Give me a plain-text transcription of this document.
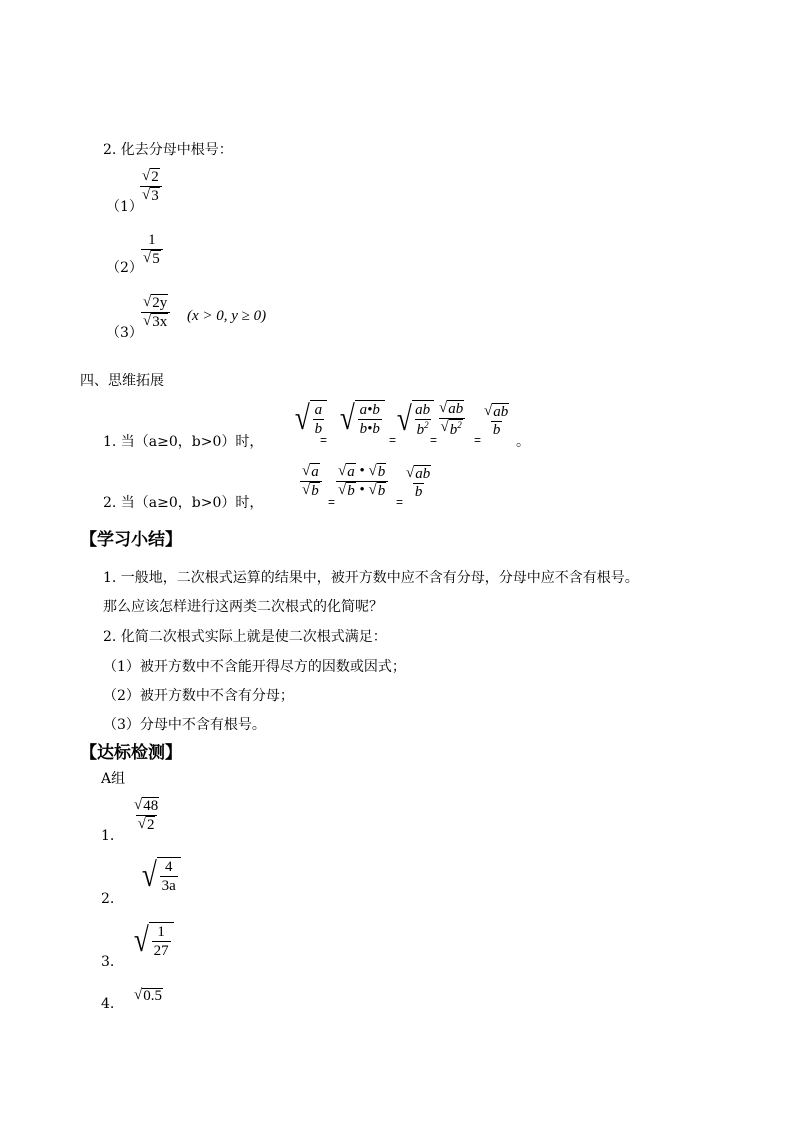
2. 化去分母中根号：
（1）
$\frac{√ 2}{√ 3}$
（2）
$\frac{1}{√ 5}$
（3）
$\frac{√ 2y}{√ 3x} (x > 0$, y ≥ 0)
四、思维拓展
1. 当（a≥0，b>0）时，
√ a
b
=
√ a•b
b•b
=
√ ab
$b^2$
=
$\frac{√ ab}{√ b^2}$
=
$\frac{√ ab}{b}$
。
2. 当（a≥0，b>0）时，
$\frac{√ a}{√ b}$
=
$\frac{√ a • √ b}{√ b • √ b}$
=
$\frac{√ ab}{b}$
【学习小结】
1. 一般地，二次根式运算的结果中，被开方数中应不含有分母，分母中应不含有根号。
那么应该怎样进行这两类二次根式的化简呢？
2. 化简二次根式实际上就是使二次根式满足：
（1）被开方数中不含能开得尽方的因数或因式；
（2）被开方数中不含有分母；
（3）分母中不含有根号。
【达标检测】
A组
1.
$\frac{√ 48}{√ 2}$
2.
√ 4
3a
3.
√ 1
27
4.
√ 0.5
